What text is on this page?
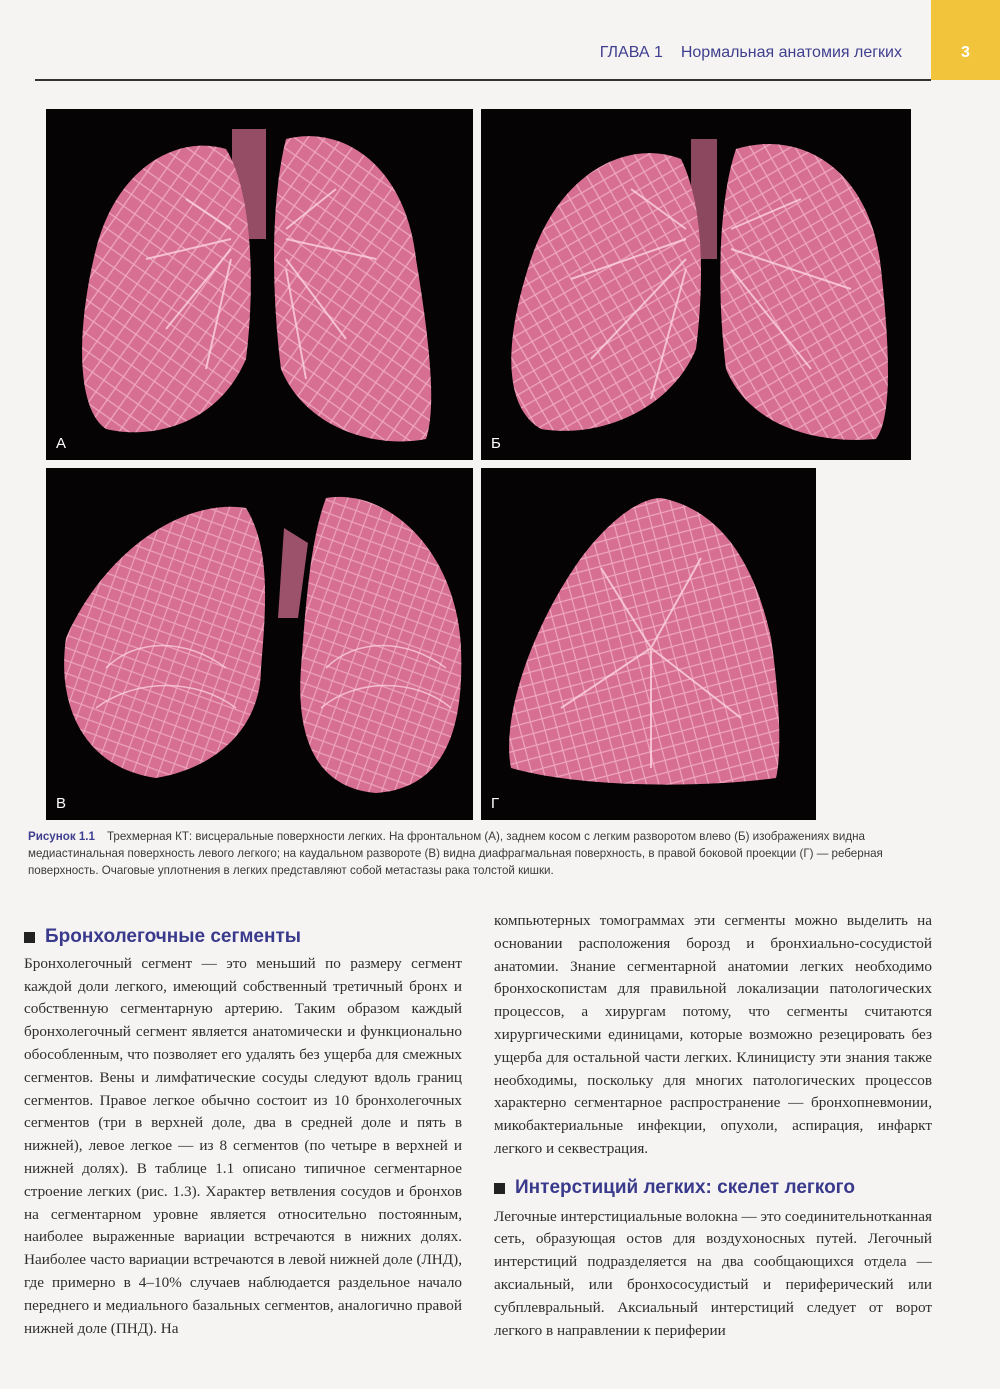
ГЛАВА 1 Нормальная анатомия легких	3
А	Б
В	Г
Рисунок 1.1 Трехмерная КТ: висцеральные поверхности легких. На фронтальном (А), заднем косом с легким разворотом влево (Б) изображениях видна медиастинальная поверхность левого легкого; на каудальном развороте (В) видна диафрагмальная поверхность, в правой боковой проекции (Г) — реберная поверхность. Очаговые уплотнения в легких представляют собой метастазы рака толстой кишки.
Бронхолегочные сегменты

Бронхолегочный сегмент — это меньший по размеру сегмент каждой доли легкого, имеющий собственный третичный бронх и собственную сегментарную артерию. Таким образом каждый бронхолегочный сегмент является анатомически и функционально обособленным, что позволяет его удалять без ущерба для смежных сегментов. Вены и лимфатические сосуды следуют вдоль границ сегментов. Правое легкое обычно состоит из 10 бронхолегочных сегментов (три в верхней доле, два в средней доле и пять в нижней), левое легкое — из 8 сегментов (по четыре в верхней и нижней долях). В таблице 1.1 описано типичное сегментарное строение легких (рис. 1.3). Характер ветвления сосудов и бронхов на сегментарном уровне является относительно постоянным, наиболее выраженные вариации встречаются в нижних долях. Наиболее часто вариации встречаются в левой нижней доле (ЛНД), где примерно в 4–10% случаев наблюдается раздельное начало переднего и медиального базальных сегментов, аналогично правой нижней доле (ПНД). На

компьютерных томограммах эти сегменты можно выделить на основании расположения борозд и бронхиально-сосудистой анатомии. Знание сегментарной анатомии легких необходимо бронхоскопистам для правильной локализации патологических процессов, а хирургам потому, что сегменты считаются хирургическими единицами, которые возможно резецировать без ущерба для остальной части легких. Клиницисту эти знания также необходимы, поскольку для многих патологических процессов характерно сегментарное распространение — бронхопневмонии, микобактериальные инфекции, опухоли, аспирация, инфаркт легкого и секвестрация.

Интерстиций легких: скелет легкого

Легочные интерстициальные волокна — это соединительнотканная сеть, образующая остов для воздухоносных путей. Легочный интерстиций подразделяется на два сообщающихся отдела — аксиальный, или бронхососудистый и периферический или субплевральный. Аксиальный интерстиций следует от ворот легкого в направлении к периферии
